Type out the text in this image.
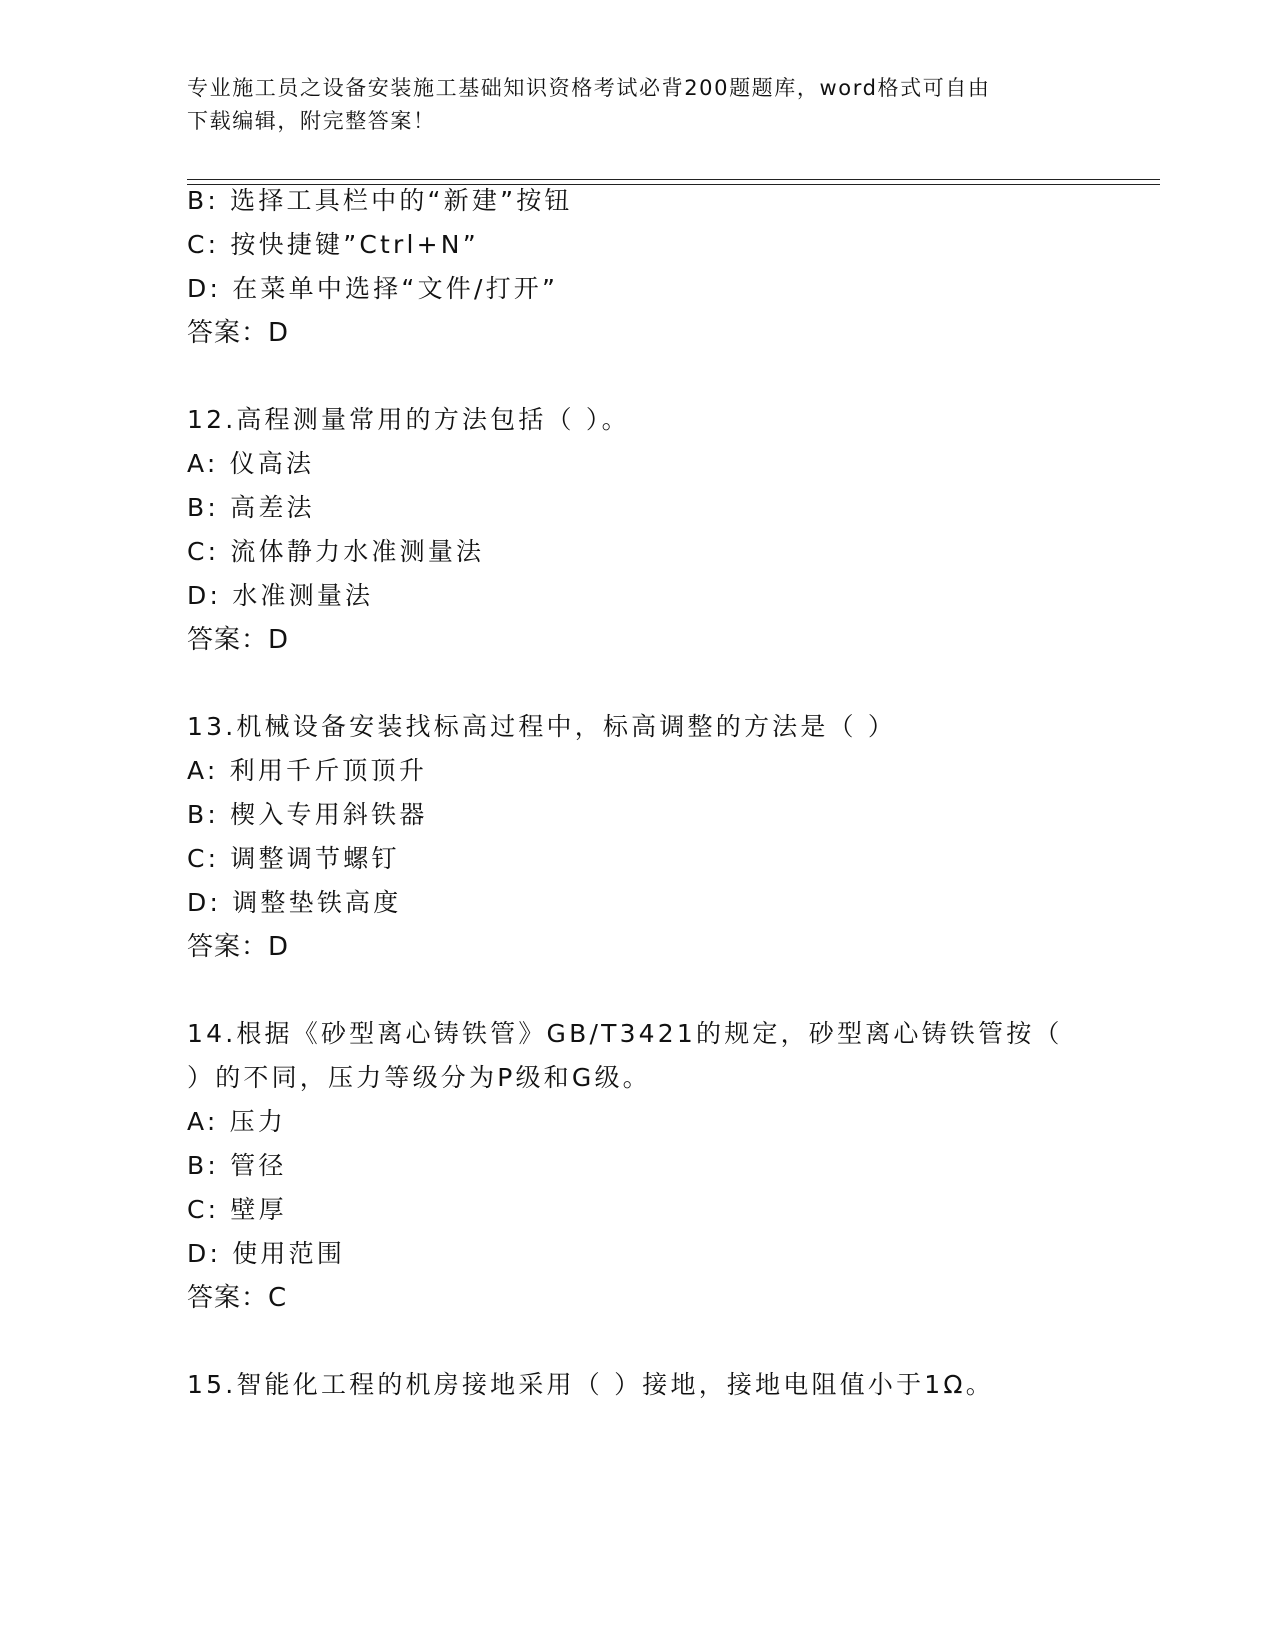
专业施工员之设备安装施工基础知识资格考试必背200题题库，word格式可自由
下载编辑，附完整答案！
B: 选择工具栏中的“新建”按钮
C: 按快捷键”Ctrl+N”
D: 在菜单中选择“文件/打开”
答案：D
12.高程测量常用的方法包括（ ）。
A: 仪高法
B: 高差法
C: 流体静力水准测量法
D: 水准测量法
答案：D
13.机械设备安装找标高过程中，标高调整的方法是（ ）
A: 利用千斤顶顶升
B: 楔入专用斜铁器
C: 调整调节螺钉
D: 调整垫铁高度
答案：D
14.根据《砂型离心铸铁管》GB/T3421的规定，砂型离心铸铁管按（
）的不同，压力等级分为P级和G级。
A: 压力
B: 管径
C: 壁厚
D: 使用范围
答案：C
15.智能化工程的机房接地采用（ ）接地，接地电阻值小于1Ω。
